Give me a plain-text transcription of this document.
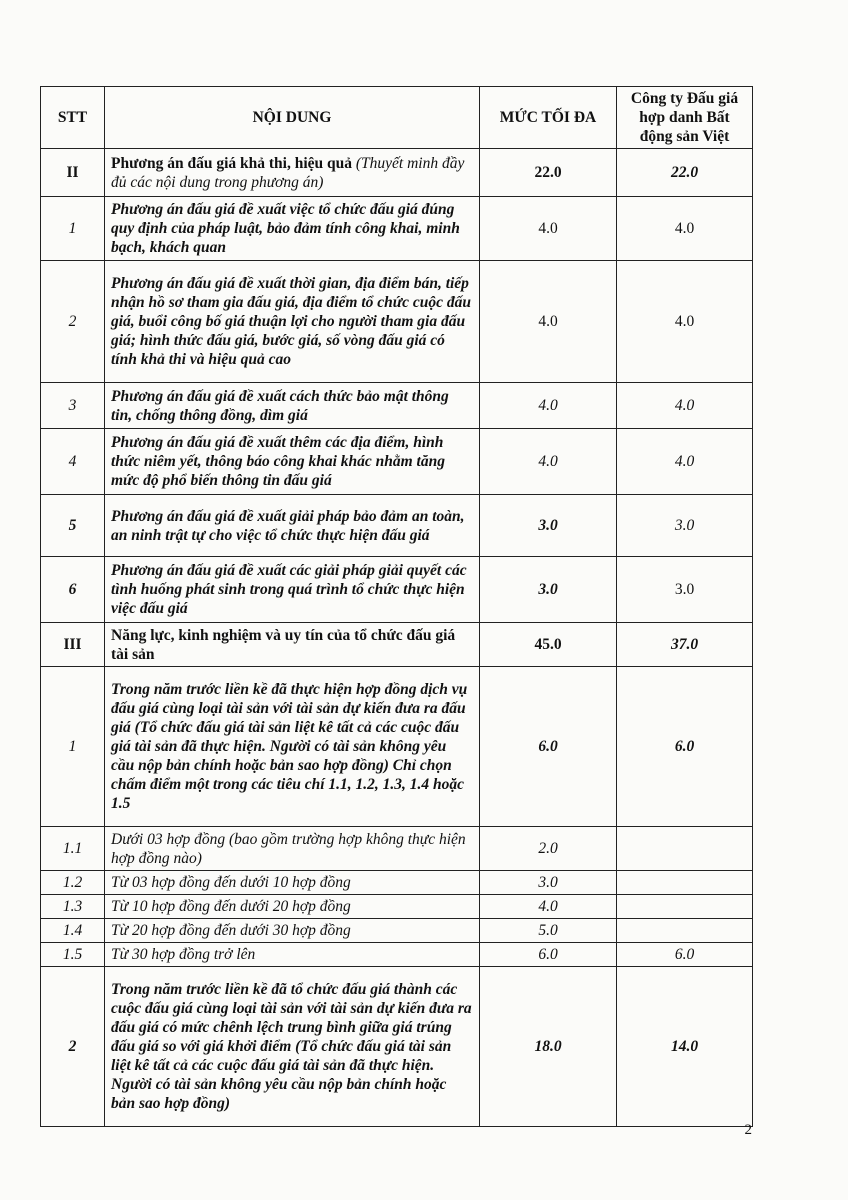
STT	NỘI DUNG	MỨC TỐI ĐA	Công ty Đấu giá hợp danh Bất động sản Việt
II	Phương án đấu giá khả thi, hiệu quả (Thuyết minh đầy đủ các nội dung trong phương án)	22.0	22.0
1	Phương án đấu giá đề xuất việc tổ chức đấu giá đúng quy định của pháp luật, bảo đảm tính công khai, minh bạch, khách quan	4.0	4.0
2	Phương án đấu giá đề xuất thời gian, địa điểm bán, tiếp nhận hồ sơ tham gia đấu giá, địa điểm tổ chức cuộc đấu giá, buổi công bố giá thuận lợi cho người tham gia đấu giá; hình thức đấu giá, bước giá, số vòng đấu giá có tính khả thi và hiệu quả cao	4.0	4.0
3	Phương án đấu giá đề xuất cách thức bảo mật thông tin, chống thông đồng, dìm giá	4.0	4.0
4	Phương án đấu giá đề xuất thêm các địa điểm, hình thức niêm yết, thông báo công khai khác nhằm tăng mức độ phổ biến thông tin đấu giá	4.0	4.0
5	Phương án đấu giá đề xuất giải pháp bảo đảm an toàn, an ninh trật tự cho việc tổ chức thực hiện đấu giá	3.0	3.0
6	Phương án đấu giá đề xuất các giải pháp giải quyết các tình huống phát sinh trong quá trình tổ chức thực hiện việc đấu giá	3.0	3.0
III	Năng lực, kinh nghiệm và uy tín của tổ chức đấu giá tài sản	45.0	37.0
1	Trong năm trước liền kề đã thực hiện hợp đồng dịch vụ đấu giá cùng loại tài sản với tài sản dự kiến đưa ra đấu giá (Tổ chức đấu giá tài sản liệt kê tất cả các cuộc đấu giá tài sản đã thực hiện. Người có tài sản không yêu cầu nộp bản chính hoặc bản sao hợp đồng) Chỉ chọn chấm điểm một trong các tiêu chí 1.1, 1.2, 1.3, 1.4 hoặc 1.5	6.0	6.0
1.1	Dưới 03 hợp đồng (bao gồm trường hợp không thực hiện hợp đồng nào)	2.0	
1.2	Từ 03 hợp đồng đến dưới 10 hợp đồng	3.0	
1.3	Từ 10 hợp đồng đến dưới 20 hợp đồng	4.0	
1.4	Từ 20 hợp đồng đến dưới 30 hợp đồng	5.0	
1.5	Từ 30 hợp đồng trở lên	6.0	6.0
2	Trong năm trước liền kề đã tổ chức đấu giá thành các cuộc đấu giá cùng loại tài sản với tài sản dự kiến đưa ra đấu giá có mức chênh lệch trung bình giữa giá trúng đấu giá so với giá khởi điểm (Tổ chức đấu giá tài sản liệt kê tất cả các cuộc đấu giá tài sản đã thực hiện. Người có tài sản không yêu cầu nộp bản chính hoặc bản sao hợp đồng)	18.0	14.0
2
